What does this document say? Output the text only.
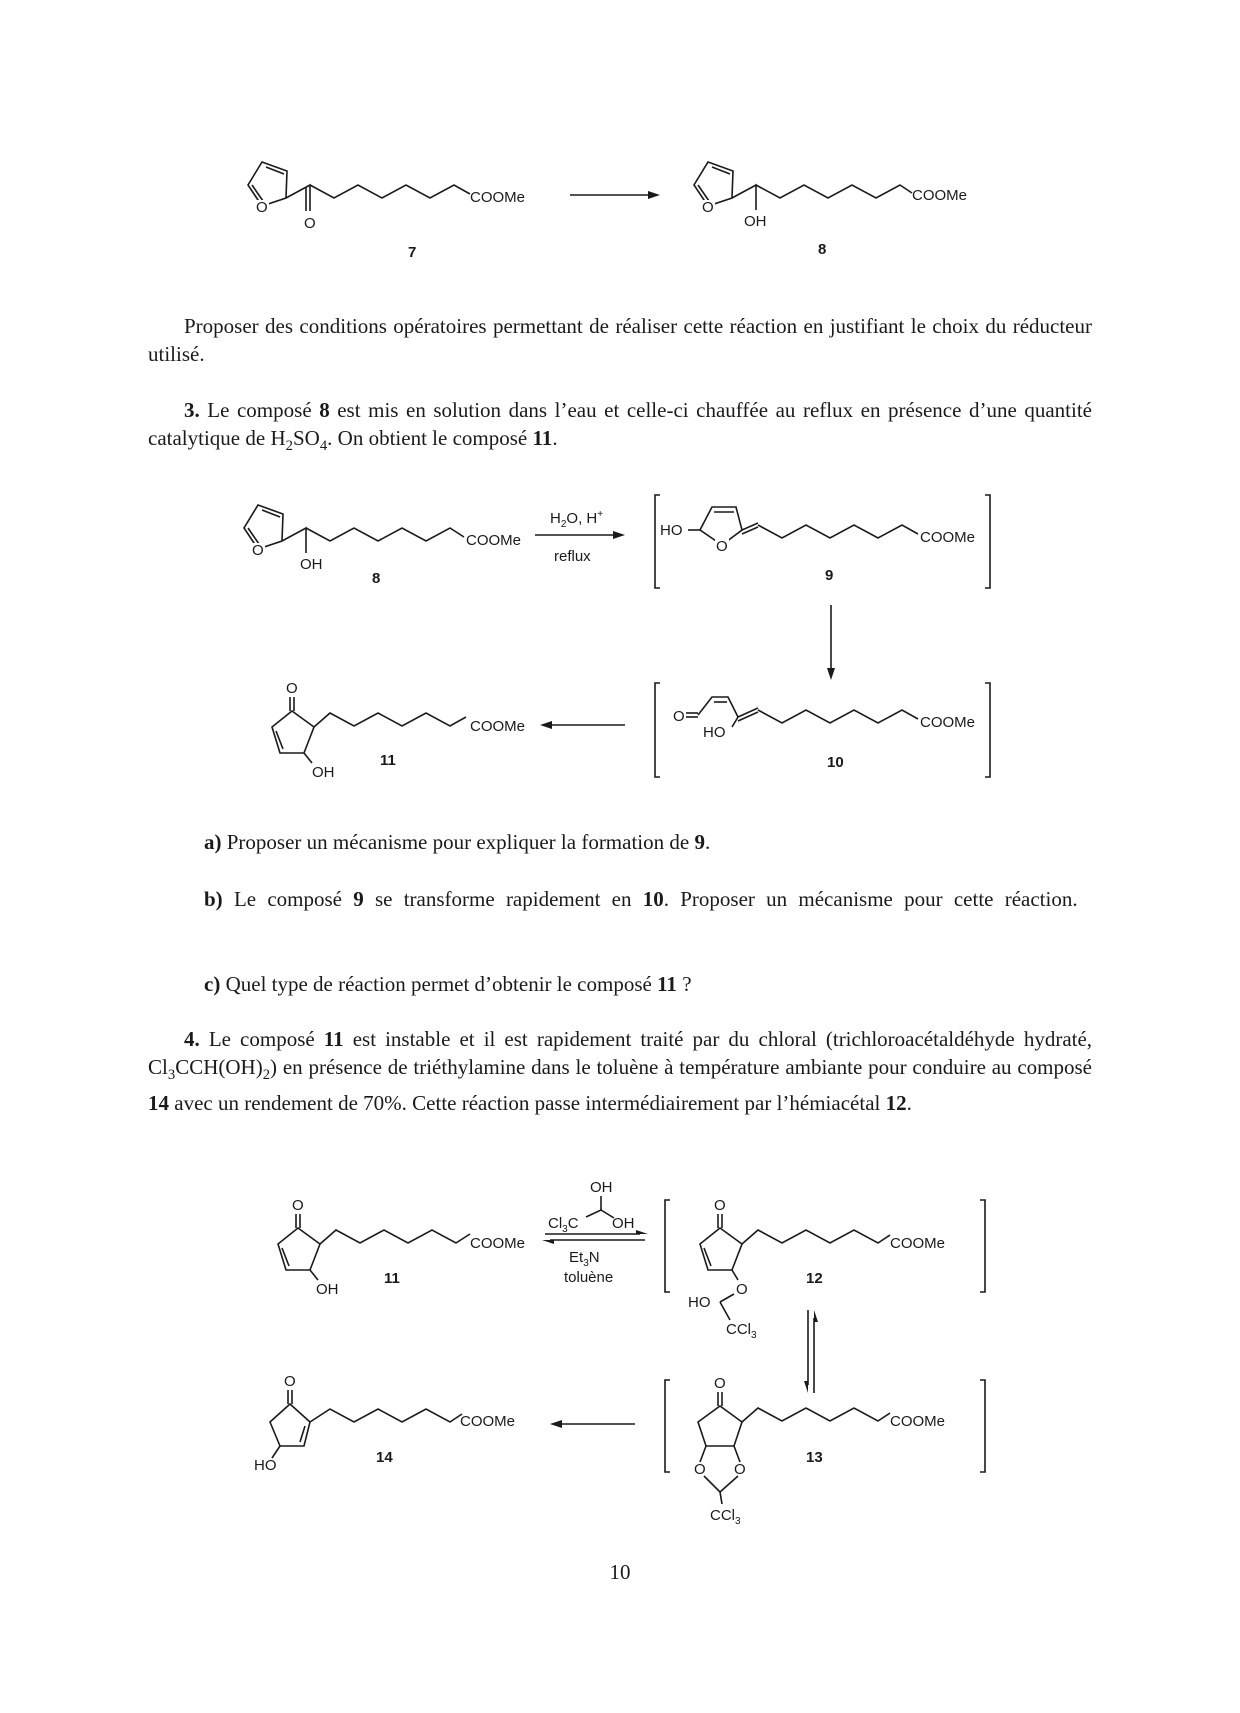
O
O
COOMe
7
O
OH
COOMe
8

Proposer des conditions opératoires permettant de réaliser cette réaction en justifiant le choix du réducteur utilisé.

3. Le composé 8 est mis en solution dans l’eau et celle-ci chauffée au reflux en présence d’une quantité catalytique de $H_2SO_4$. On obtient le composé 11.

O
OH
COOMe
8
$H_2O$, H+
reflux
HO
O
COOMe
9
O
HO
COOMe
10
O
OH
COOMe
11

a) Proposer un mécanisme pour expliquer la formation de 9.

b) Le composé 9 se transforme rapidement en 10. Proposer un mécanisme pour cette réaction.

c) Quel type de réaction permet d’obtenir le composé 11 ?

4. Le composé 11 est instable et il est rapidement traité par du chloral (trichloroacétaldéhyde hydraté, $Cl_3CCH(OH)_2$) en présence de triéthylamine dans le toluène à température ambiante pour conduire au composé 14 avec un rendement de 70%. Cette réaction passe intermédiairement par l’hémiacétal 12.

O
OH
COOMe
11
OH
$Cl_3C$ OH
$Et_3N$
toluène
O
O
HO
CCl$_3$
COOMe
12
O
O O
CCl$_3$
COOMe
13
O
HO
COOMe
14
10
